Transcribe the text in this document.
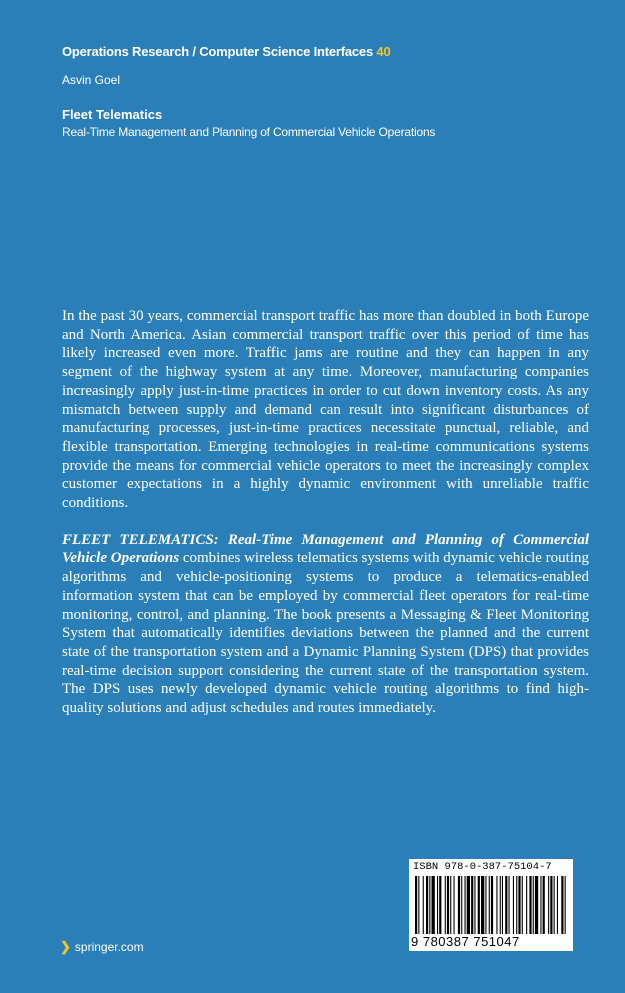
Operations Research / Computer Science Interfaces 40
Asvin Goel
Fleet Telematics
Real-Time Management and Planning of Commercial Vehicle Operations

In the past 30 years, commercial transport traffic has more than doubled in both Europe and North America. Asian commercial transport traffic over this period of time has likely increased even more. Traffic jams are routine and they can happen in any segment of the highway system at any time. Moreover, manufacturing companies increasingly apply just-in-time practices in order to cut down inventory costs. As any mismatch between supply and demand can result into significant disturbances of manufacturing processes, just-in-time practices necessitate punctual, reliable, and flexible transportation. Emerging technologies in real-time communications systems provide the means for commercial vehicle operators to meet the increasingly complex customer expectations in a highly dynamic environment with unreliable traffic conditions.

FLEET TELEMATICS: Real-Time Management and Planning of Commercial Vehicle Operations combines wireless telematics systems with dynamic vehicle routing algorithms and vehicle-positioning systems to produce a telematics-enabled information system that can be employed by commercial fleet operators for real-time monitoring, control, and planning. The book presents a Messaging & Fleet Monitoring System that automatically identifies deviations between the planned and the current state of the transportation system and a Dynamic Planning System (DPS) that provides real-time decision support considering the current state of the transportation system. The DPS uses newly developed dynamic vehicle routing algorithms to find high-quality solutions and adjust schedules and routes immediately.

ISBN 978-0-387-75104-7
9 780387 751047
❯ springer.com
